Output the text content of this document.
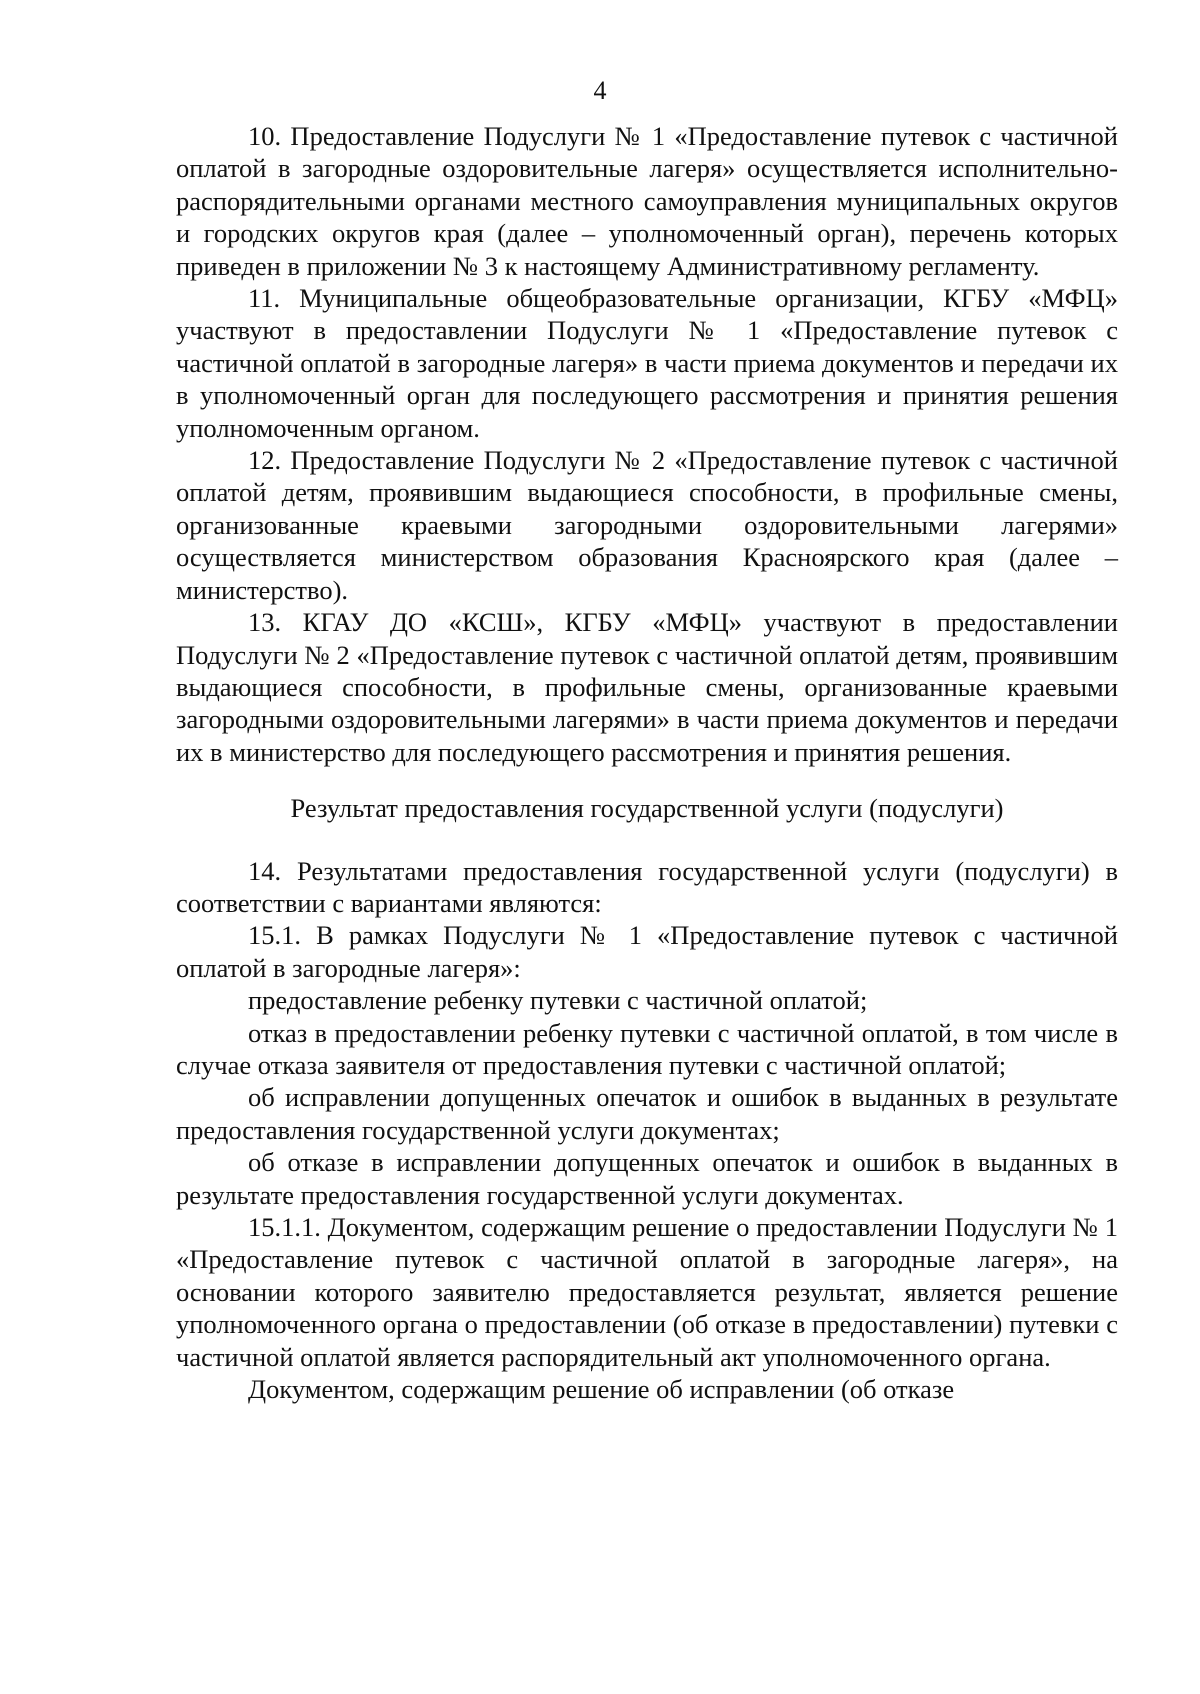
4

10. Предоставление Подуслуги № 1 «Предоставление путевок с частичной оплатой в загородные оздоровительные лагеря» осуществляется исполнительно-распорядительными органами местного самоуправления муниципальных округов и городских округов края (далее – уполномоченный орган), перечень которых приведен в приложении № 3 к настоящему Административному регламенту.

11. Муниципальные общеобразовательные организации, КГБУ «МФЦ» участвуют в предоставлении Подуслуги № 1 «Предоставление путевок с частичной оплатой в загородные лагеря» в части приема документов и передачи их в уполномоченный орган для последующего рассмотрения и принятия решения уполномоченным органом.

12. Предоставление Подуслуги № 2 «Предоставление путевок с частичной оплатой детям, проявившим выдающиеся способности, в профильные смены, организованные краевыми загородными оздоровительными лагерями» осуществляется министерством образования Красноярского края (далее – министерство).

13. КГАУ ДО «КСШ», КГБУ «МФЦ» участвуют в предоставлении Подуслуги № 2 «Предоставление путевок с частичной оплатой детям, проявившим выдающиеся способности, в профильные смены, организованные краевыми загородными оздоровительными лагерями» в части приема документов и передачи их в министерство для последующего рассмотрения и принятия решения.

Результат предоставления государственной услуги (подуслуги)

14. Результатами предоставления государственной услуги (подуслуги) в соответствии с вариантами являются:

15.1. В рамках Подуслуги № 1 «Предоставление путевок с частичной оплатой в загородные лагеря»:

предоставление ребенку путевки с частичной оплатой;

отказ в предоставлении ребенку путевки с частичной оплатой, в том числе в случае отказа заявителя от предоставления путевки с частичной оплатой;

об исправлении допущенных опечаток и ошибок в выданных в результате предоставления государственной услуги документах;

об отказе в исправлении допущенных опечаток и ошибок в выданных в результате предоставления государственной услуги документах.

15.1.1. Документом, содержащим решение о предоставлении Подуслуги № 1 «Предоставление путевок с частичной оплатой в загородные лагеря», на основании которого заявителю предоставляется результат, является решение уполномоченного органа о предоставлении (об отказе в предоставлении) путевки с частичной оплатой является распорядительный акт уполномоченного органа.

Документом, содержащим решение об исправлении (об отказе
